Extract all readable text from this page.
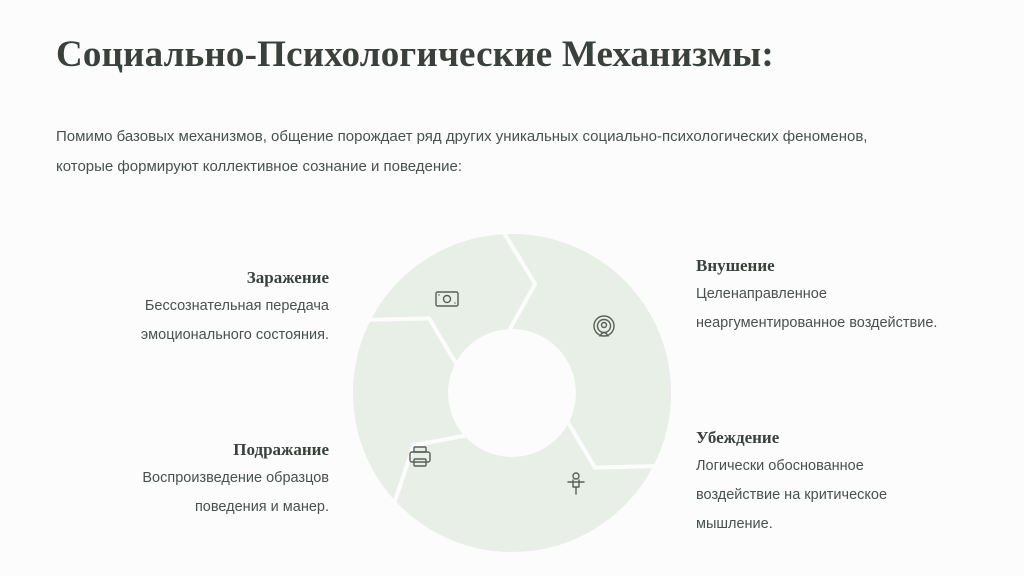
Социально-Психологические Механизмы:
Помимо базовых механизмов, общение порождает ряд других уникальных социально-психологических феноменов,
которые формируют коллективное сознание и поведение:
Заражение
Бессознательная передача
эмоционального состояния.
Внушение
Целенаправленное
неаргументированное воздействие.
Убеждение
Логически обоснованное
воздействие на критическое
мышление.
Подражание
Воспроизведение образцов
поведения и манер.
